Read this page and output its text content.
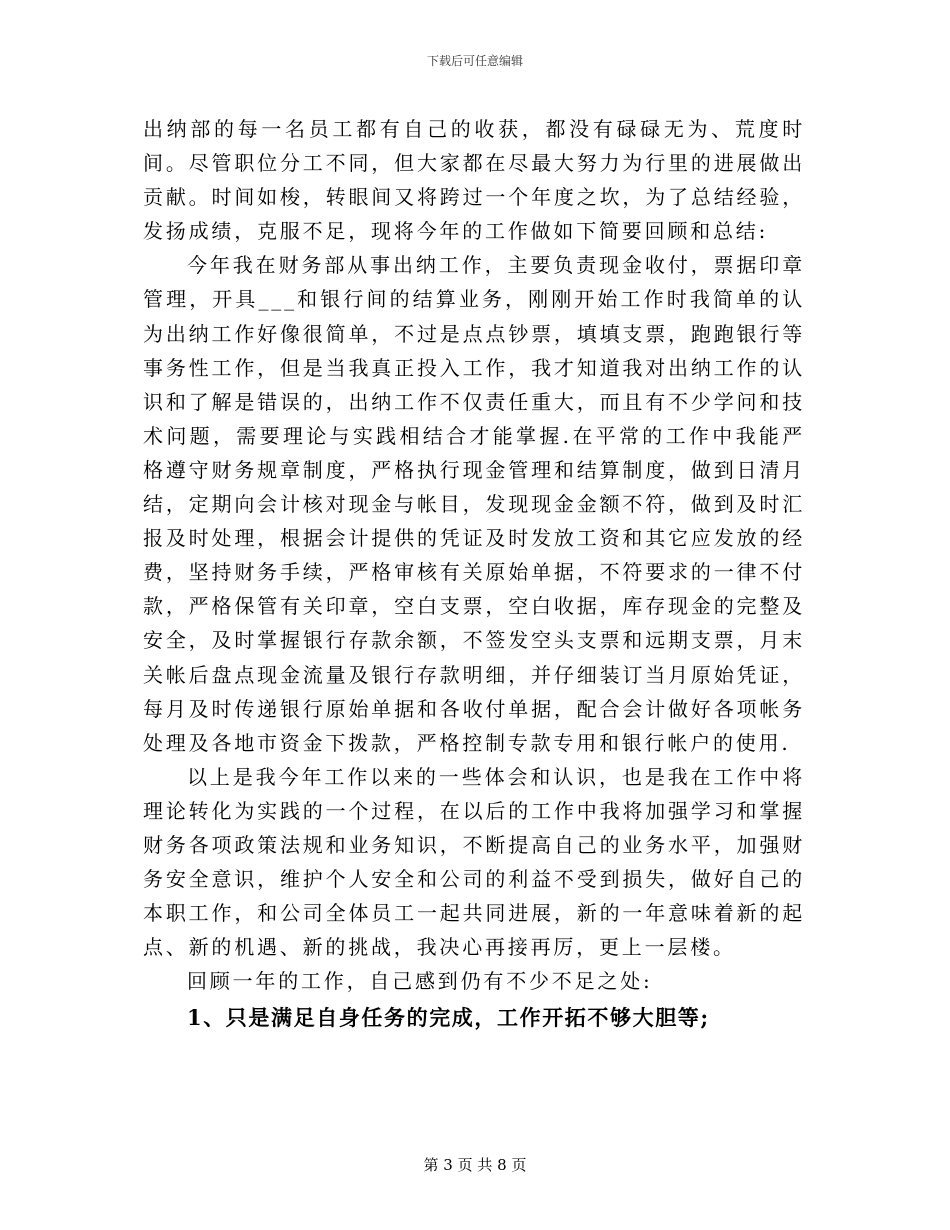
下载后可任意编辑

出纳部的每一名员工都有自己的收获，都没有碌碌无为、荒度时间。尽管职位分工不同，但大家都在尽最大努力为行里的进展做出贡献。时间如梭，转眼间又将跨过一个年度之坎，为了总结经验，发扬成绩，克服不足，现将今年的工作做如下简要回顾和总结:

今年我在财务部从事出纳工作，主要负责现金收付，票据印章管理，开具___和银行间的结算业务，刚刚开始工作时我简单的认为出纳工作好像很简单，不过是点点钞票，填填支票，跑跑银行等事务性工作，但是当我真正投入工作，我才知道我对出纳工作的认识和了解是错误的，出纳工作不仅责任重大，而且有不少学问和技术问题，需要理论与实践相结合才能掌握.在平常的工作中我能严格遵守财务规章制度，严格执行现金管理和结算制度，做到日清月结，定期向会计核对现金与帐目，发现现金金额不符，做到及时汇报及时处理，根据会计提供的凭证及时发放工资和其它应发放的经费，坚持财务手续，严格审核有关原始单据，不符要求的一律不付款，严格保管有关印章，空白支票，空白收据，库存现金的完整及安全，及时掌握银行存款余额，不签发空头支票和远期支票，月末关帐后盘点现金流量及银行存款明细，并仔细装订当月原始凭证，每月及时传递银行原始单据和各收付单据，配合会计做好各项帐务处理及各地市资金下拨款，严格控制专款专用和银行帐户的使用.

以上是我今年工作以来的一些体会和认识，也是我在工作中将理论转化为实践的一个过程，在以后的工作中我将加强学习和掌握财务各项政策法规和业务知识，不断提高自己的业务水平，加强财务安全意识，维护个人安全和公司的利益不受到损失，做好自己的本职工作，和公司全体员工一起共同进展，新的一年意味着新的起点、新的机遇、新的挑战，我决心再接再厉，更上一层楼。

回顾一年的工作，自己感到仍有不少不足之处:

1、只是满足自身任务的完成，工作开拓不够大胆等;

第 3 页 共 8 页
